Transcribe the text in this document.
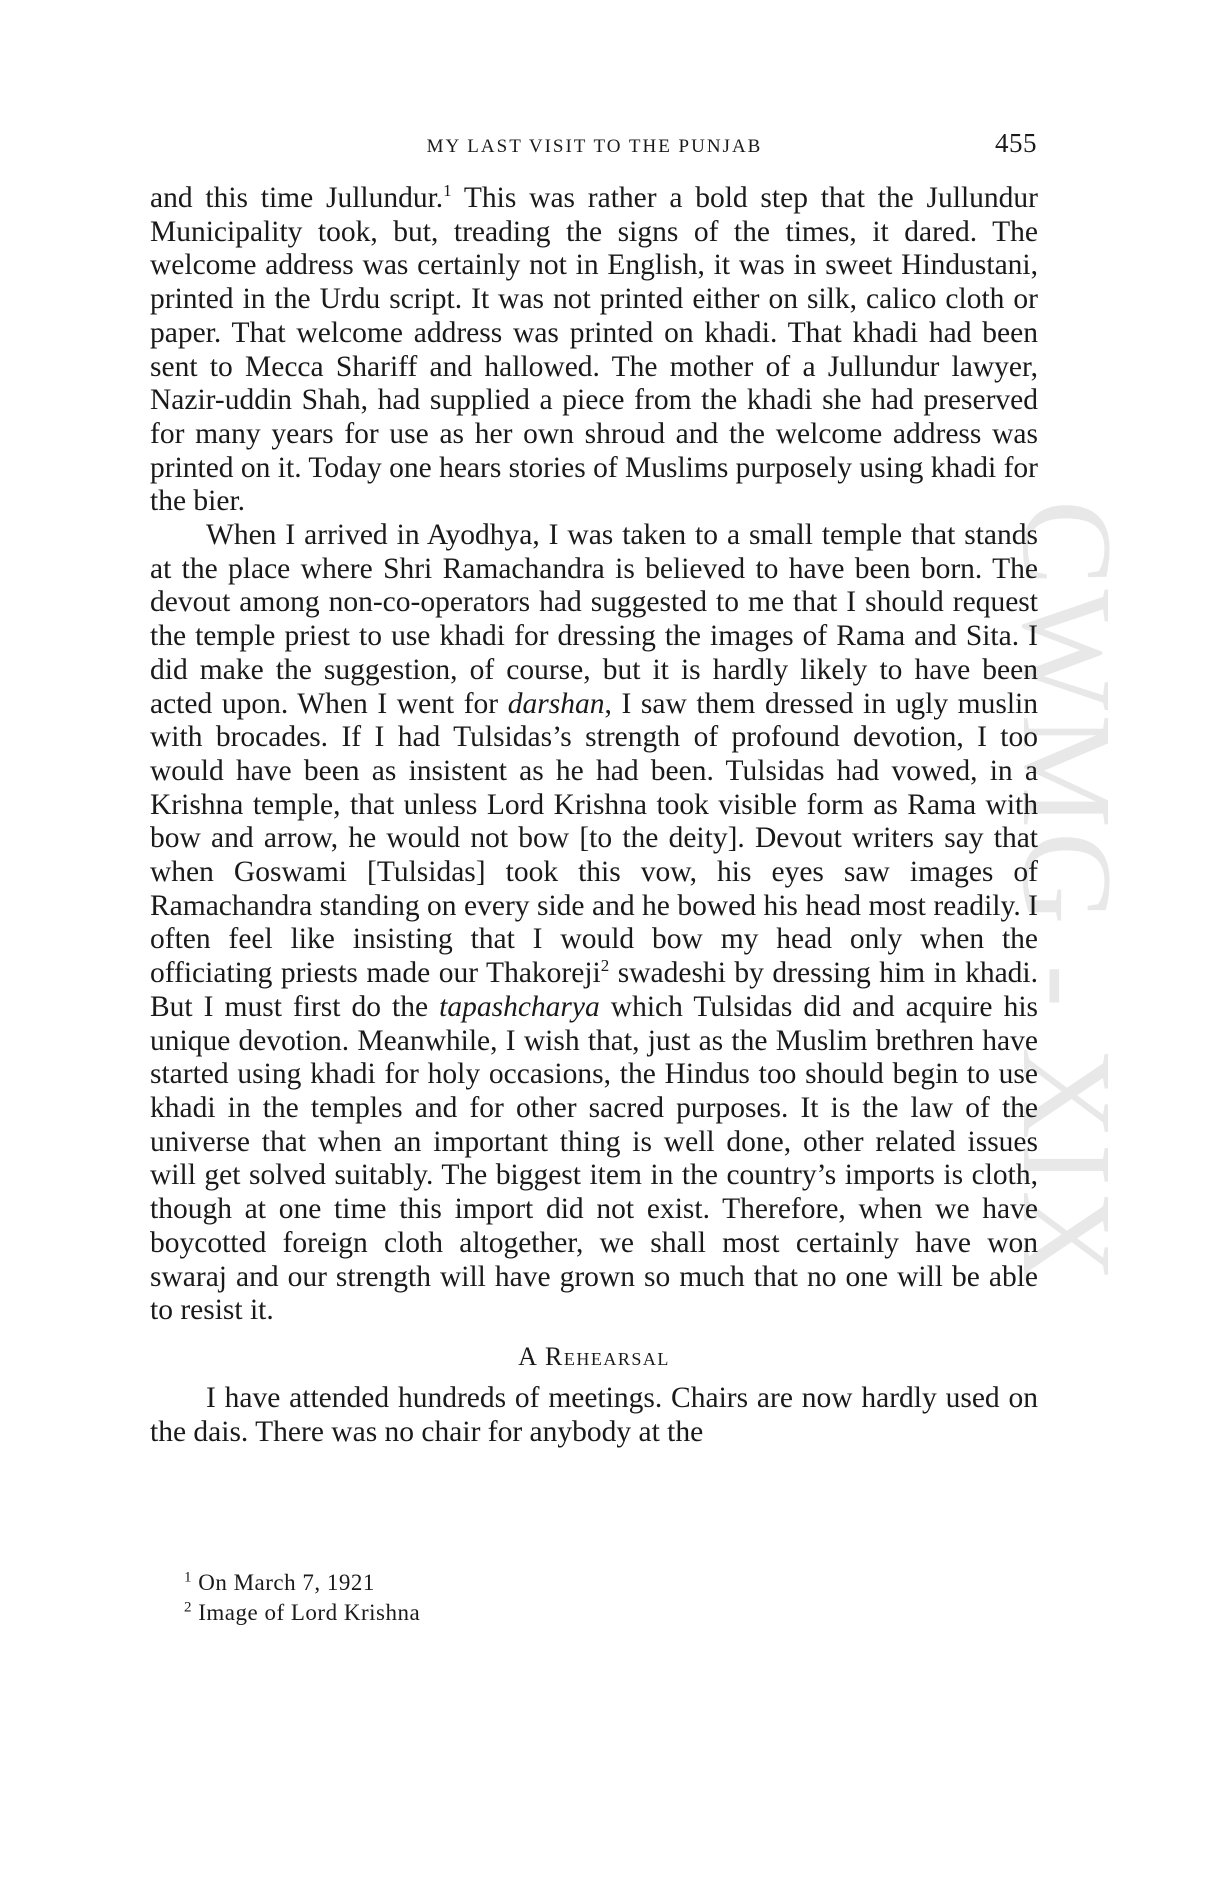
CWMG - XIX
MY LAST VISIT TO THE PUNJAB	455

and this time Jullundur.$^1$ This was rather a bold step that the Jullundur Municipality took, but, treading the signs of the times, it dared. The welcome address was certainly not in English, it was in sweet Hindustani, printed in the Urdu script. It was not printed either on silk, calico cloth or paper. That welcome address was printed on khadi. That khadi had been sent to Mecca Shariff and hallowed. The mother of a Jullundur lawyer, Nazir-uddin Shah, had supplied a piece from the khadi she had preserved for many years for use as her own shroud and the welcome address was printed on it. Today one hears stories of Muslims purposely using khadi for the bier.

When I arrived in Ayodhya, I was taken to a small temple that stands at the place where Shri Ramachandra is believed to have been born. The devout among non-co-operators had suggested to me that I should request the temple priest to use khadi for dressing the images of Rama and Sita. I did make the suggestion, of course, but it is hardly likely to have been acted upon. When I went for darshan, I saw them dressed in ugly muslin with brocades. If I had Tulsidas’s strength of profound devotion, I too would have been as insistent as he had been. Tulsidas had vowed, in a Krishna temple, that unless Lord Krishna took visible form as Rama with bow and arrow, he would not bow [to the deity]. Devout writers say that when Goswami [Tulsidas] took this vow, his eyes saw images of Ramachandra standing on every side and he bowed his head most readily. I often feel like insisting that I would bow my head only when the officiating priests made our Thakoreji$^2$ swadeshi by dressing him in khadi. But I must first do the tapashcharya which Tulsidas did and acquire his unique devotion. Meanwhile, I wish that, just as the Muslim brethren have started using khadi for holy occasions, the Hindus too should begin to use khadi in the temples and for other sacred purposes. It is the law of the universe that when an important thing is well done, other related issues will get solved suitably. The biggest item in the country’s imports is cloth, though at one time this import did not exist. Therefore, when we have boycotted foreign cloth altogether, we shall most certainly have won swaraj and our strength will have grown so much that no one will be able to resist it.

A Rehearsal

I have attended hundreds of meetings. Chairs are now hardly used on the dais. There was no chair for anybody at the

$^1$ On March 7, 1921

$^2$ Image of Lord Krishna
